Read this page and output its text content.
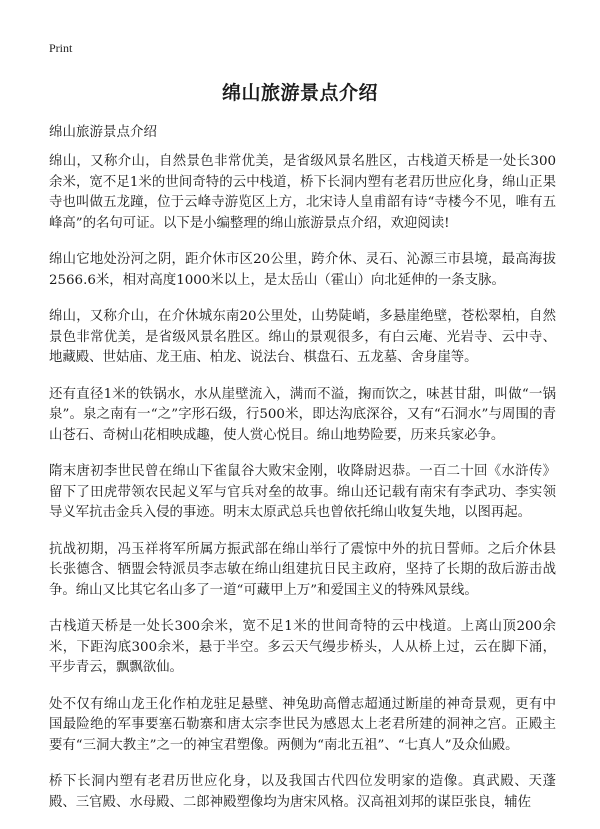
Print
绵山旅游景点介绍
绵山旅游景点介绍

绵山，又称介山，自然景色非常优美，是省级风景名胜区，古栈道天桥是一处长300余米，宽不足1米的世间奇特的云中栈道，桥下长洞内塑有老君历世应化身，绵山正果寺也叫做五龙蹱，位于云峰寺游览区上方，北宋诗人皇甫韶有诗“寺楼今不见，唯有五峰高”的名句可证。以下是小编整理的绵山旅游景点介绍，欢迎阅读!

绵山它地处汾河之阴，距介休市区20公里，跨介休、灵石、沁源三市县境，最高海拔2566.6米，相对高度1000米以上，是太岳山（霍山）向北延伸的一条支脉。

绵山，又称介山，在介休城东南20公里处，山势陡峭，多悬崖绝壁，苍松翠柏，自然景色非常优美，是省级风景名胜区。绵山的景观很多，有白云庵、光岩寺、云中寺、地藏殿、世姑庙、龙王庙、柏龙、说法台、棋盘石、五龙墓、舍身崖等。

还有直径1米的铁锅水，水从崖壁流入，满而不溢，掬而饮之，味甚甘甜，叫做“一锅泉”。泉之南有一“之”字形石级，行500米，即达沟底深谷，又有“石洞水”与周围的青山苍石、奇树山花相映成趣，使人赏心悦目。绵山地势险要，历来兵家必争。

隋末唐初李世民曾在绵山下雀鼠谷大败宋金刚，收降尉迟恭。一百二十回《水浒传》留下了田虎带领农民起义军与官兵对垒的故事。绵山还记载有南宋有李武功、李实领导义军抗击金兵入侵的事迹。明末太原武总兵也曾依托绵山收复失地，以图再起。

抗战初期，冯玉祥将军所属方振武部在绵山举行了震惊中外的抗日誓师。之后介休县长张德含、牺盟会特派员李志敏在绵山组建抗日民主政府，坚持了长期的敌后游击战争。绵山又比其它名山多了一道“可藏甲上万”和爱国主义的特殊风景线。

古栈道天桥是一处长300余米，宽不足1米的世间奇特的云中栈道。上离山顶200余米，下距沟底300余米，悬于半空。多云天气缦步桥头，人从桥上过，云在脚下涌，平步青云，飘飘欲仙。

处不仅有绵山龙王化作柏龙驻足悬壁、神兔助高僧志超通过断崖的神奇景观，更有中国最险绝的军事要塞石勒寨和唐太宗李世民为感恩太上老君所建的洞神之宫。正殿主要有“三洞大教主”之一的神宝君塑像。两侧为“南北五祖”、“七真人”及众仙殿。

桥下长洞内塑有老君历世应化身，以及我国古代四位发明家的造像。真武殿、天蓬殿、三官殿、水母殿、二郎神殿塑像均为唐宋风格。汉高祖刘邦的谋臣张良，辅佐
